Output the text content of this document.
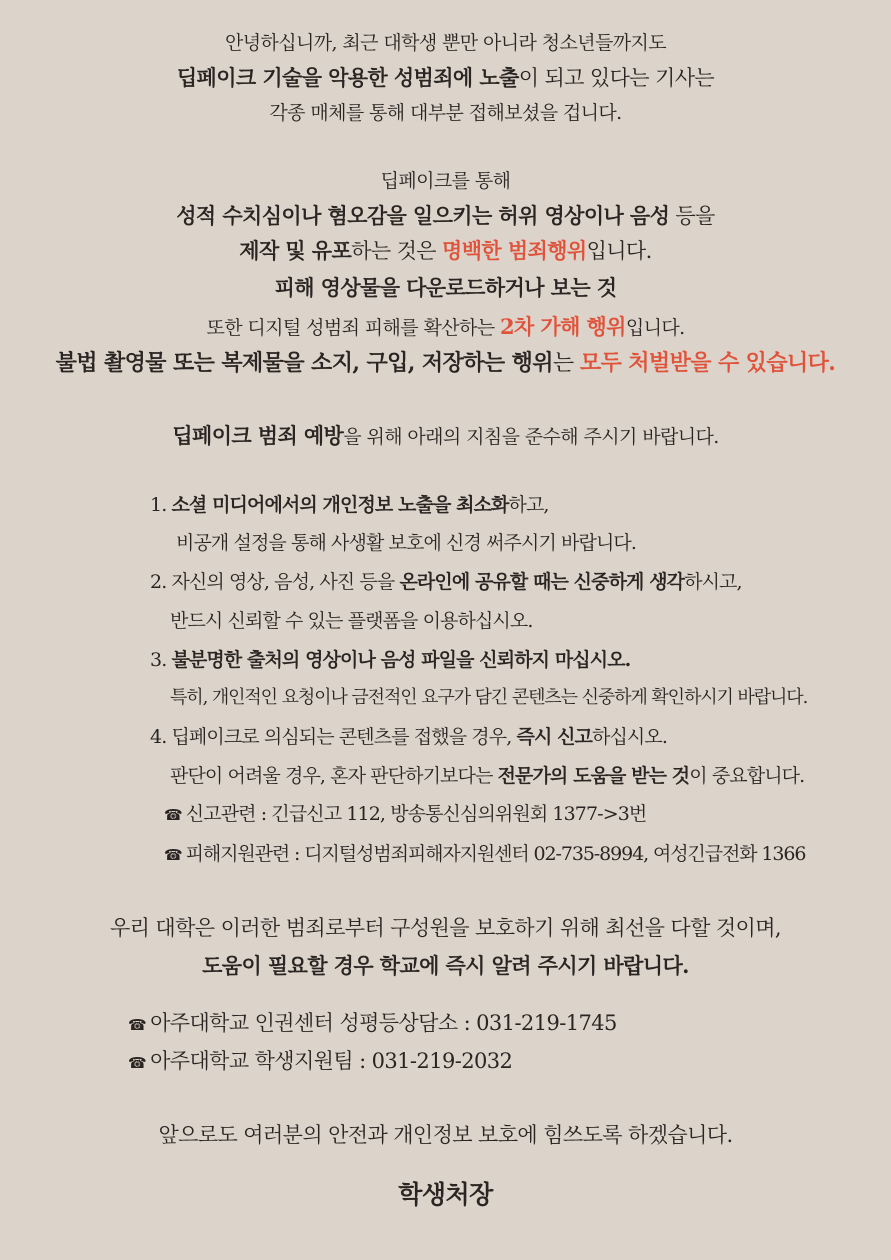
안녕하십니까, 최근 대학생 뿐만 아니라 청소년들까지도
딥페이크 기술을 악용한 성범죄에 노출이 되고 있다는 기사는
각종 매체를 통해 대부분 접해보셨을 겁니다.
딥페이크를 통해
성적 수치심이나 혐오감을 일으키는 허위 영상이나 음성 등을
제작 및 유포하는 것은 명백한 범죄행위입니다.
피해 영상물을 다운로드하거나 보는 것
또한 디지털 성범죄 피해를 확산하는 2차 가해 행위입니다.
불법 촬영물 또는 복제물을 소지, 구입, 저장하는 행위는 모두 처벌받을 수 있습니다.
딥페이크 범죄 예방을 위해 아래의 지침을 준수해 주시기 바랍니다.
1. 소셜 미디어에서의 개인정보 노출을 최소화하고,
비공개 설정을 통해 사생활 보호에 신경 써주시기 바랍니다.
2. 자신의 영상, 음성, 사진 등을 온라인에 공유할 때는 신중하게 생각하시고,
반드시 신뢰할 수 있는 플랫폼을 이용하십시오.
3. 불분명한 출처의 영상이나 음성 파일을 신뢰하지 마십시오.
특히, 개인적인 요청이나 금전적인 요구가 담긴 콘텐츠는 신중하게 확인하시기 바랍니다.
4. 딥페이크로 의심되는 콘텐츠를 접했을 경우, 즉시 신고하십시오.
판단이 어려울 경우, 혼자 판단하기보다는 전문가의 도움을 받는 것이 중요합니다.
☎ 신고관련 : 긴급신고 112, 방송통신심의위원회 1377->3번
☎ 피해지원관련 : 디지털성범죄피해자지원센터 02-735-8994, 여성긴급전화 1366
우리 대학은 이러한 범죄로부터 구성원을 보호하기 위해 최선을 다할 것이며,
도움이 필요할 경우 학교에 즉시 알려 주시기 바랍니다.
☎ 아주대학교 인권센터 성평등상담소 : 031-219-1745
☎ 아주대학교 학생지원팀 : 031-219-2032
앞으로도 여러분의 안전과 개인정보 보호에 힘쓰도록 하겠습니다.
학생처장
